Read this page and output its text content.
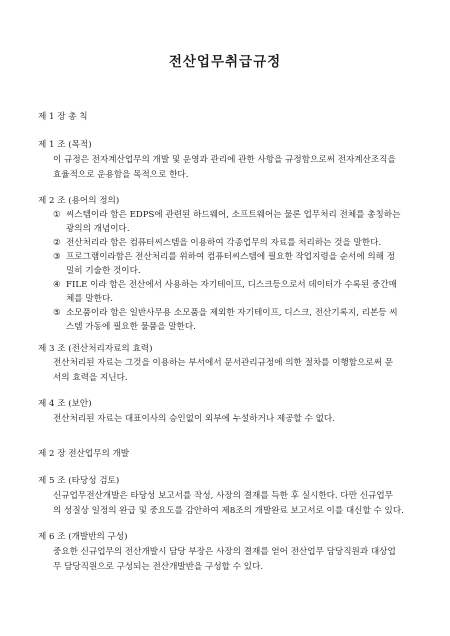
전산업무취급규정
제 1 장 총 칙
제 1 조 (목적)
이 규정은 전자계산업무의 개발 및 운영과 관리에 관한 사항을 규정함으로써 전자계산조직을
효율적으로 운용함을 목적으로 한다.
제 2 조 (용어의 정의)
① 씨스템이라 함은 EDPS에 관련된 하드웨어, 소프트웨어는 물론 업무처리 전체를 총칭하는
광의의 개념이다.
② 전산처리라 함은 컴퓨터씨스템을 이용하여 각종업무의 자료를 처리하는 것을 말한다.
③ 프로그램이라함은 전산처리를 위하여 컴퓨터씨스템에 필요한 작업지령을 순서에 의해 정
밀히 기술한 것이다.
④ FILE 이라 함은 전산에서 사용하는 자기테이프, 디스크등으로서 데이터가 수록된 중간매
체를 말한다.
⑤ 소모품이라 함은 일반사무용 소모품을 제외한 자기테이프, 디스크, 전산기록지, 리본등 씨
스템 가동에 필요한 물품을 말한다.
제 3 조 (전산처리자료의 효력)
전산처리된 자료는 그것을 이용하는 부서에서 문서관리규정에 의한 절차를 이행함으로써 문
서의 효력을 지닌다.
제 4 조 (보안)
전산처리된 자료는 대표이사의 승인없이 외부에 누설하거나 제공할 수 없다.
제 2 장 전산업무의 개발
제 5 조 (타당성 검토)
신규업무전산개발은 타당성 보고서를 작성, 사장의 결재를 득한 후 실시한다. 다만 신규업무
의 성질상 일정의 완급 및 중요도를 감안하여 제8조의 개발완료 보고서로 이를 대신할 수 있다.
제 6 조 (개발반의 구성)
중요한 신규업무의 전산개발시 담당 부장은 사장의 결재를 얻어 전산업무 담당직원과 대상업
무 담당직원으로 구성되는 전산개발반을 구성할 수 있다.
